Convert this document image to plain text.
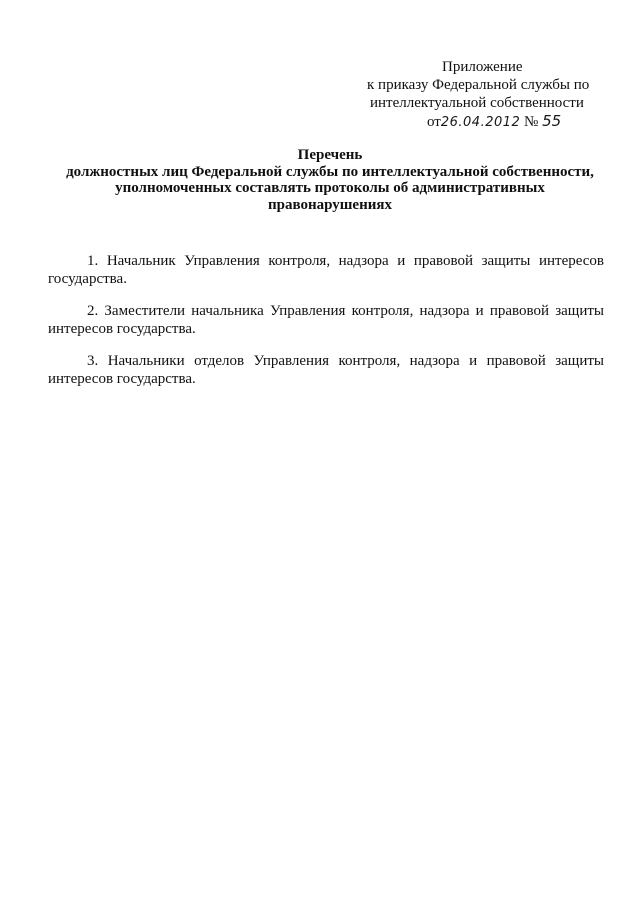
Приложение
к приказу Федеральной службы по
интеллектуальной собственности
от26.04.2012 № 55
Перечень
должностных лиц Федеральной службы по интеллектуальной собственности,
уполномоченных составлять протоколы об административных
правонарушениях

1. Начальник Управления контроля, надзора и правовой защиты интересов государства.

2. Заместители начальника Управления контроля, надзора и правовой защиты интересов государства.

3. Начальники отделов Управления контроля, надзора и правовой защиты интересов государства.
